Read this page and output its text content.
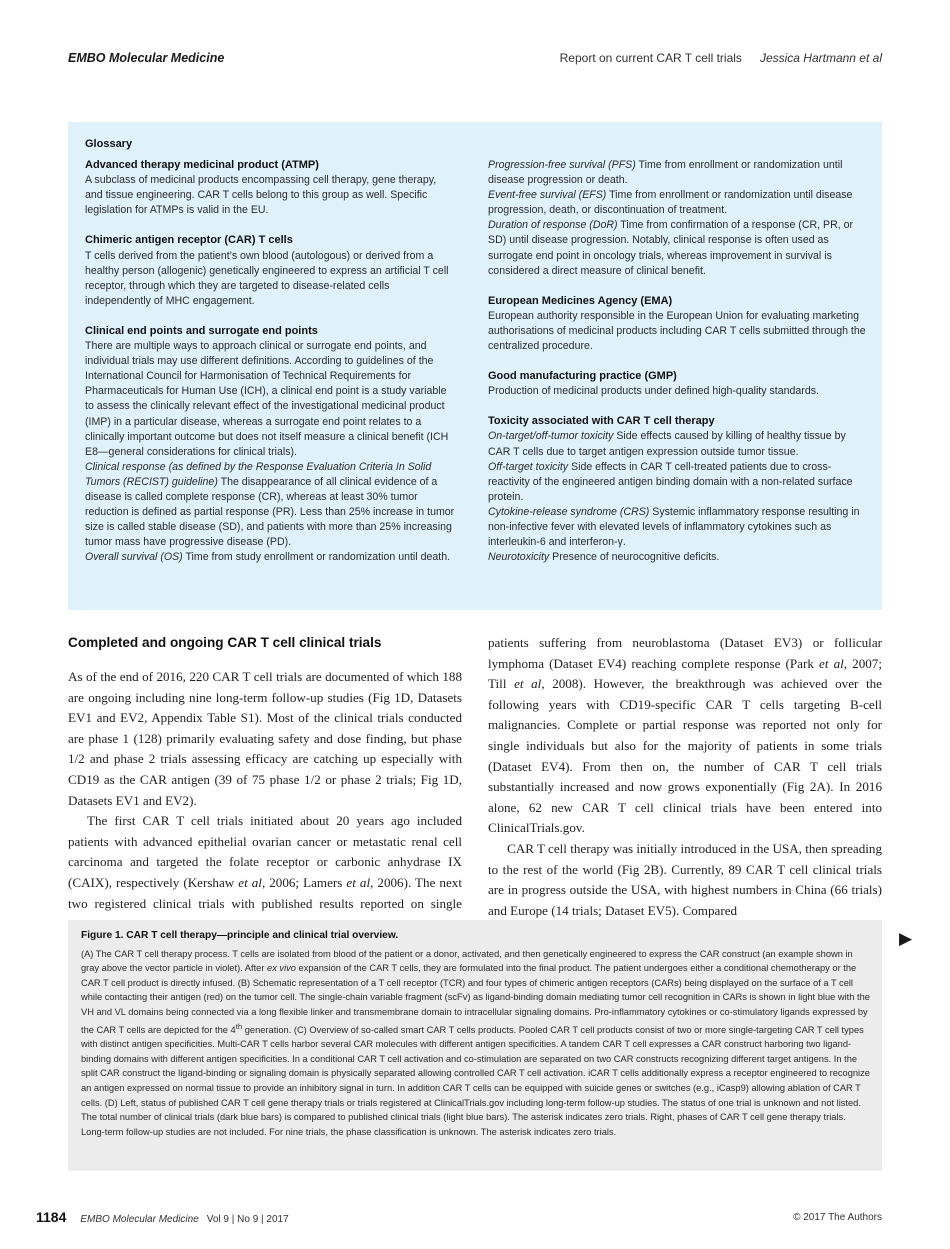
EMBO Molecular Medicine	Report on current CAR T cell trials Jessica Hartmann et al
Glossary
Advanced therapy medicinal product (ATMP)
A subclass of medicinal products encompassing cell therapy, gene therapy, and tissue engineering. CAR T cells belong to this group as well. Specific legislation for ATMPs is valid in the EU.
Chimeric antigen receptor (CAR) T cells
T cells derived from the patient’s own blood (autologous) or derived from a healthy person (allogenic) genetically engineered to express an artificial T cell receptor, through which they are targeted to disease-related cells independently of MHC engagement.
Clinical end points and surrogate end points
There are multiple ways to approach clinical or surrogate end points, and individual trials may use different definitions. According to guidelines of the International Council for Harmonisation of Technical Requirements for Pharmaceuticals for Human Use (ICH), a clinical end point is a study variable to assess the clinically relevant effect of the investigational medicinal product (IMP) in a particular disease, whereas a surrogate end point relates to a clinically important outcome but does not itself measure a clinical benefit (ICH E8—general considerations for clinical trials).
Clinical response (as defined by the Response Evaluation Criteria In Solid Tumors (RECIST) guideline) The disappearance of all clinical evidence of a disease is called complete response (CR), whereas at least 30% tumor reduction is defined as partial response (PR). Less than 25% increase in tumor size is called stable disease (SD), and patients with more than 25% increasing tumor mass have progressive disease (PD).
Overall survival (OS) Time from study enrollment or randomization until death.
Progression-free survival (PFS) Time from enrollment or randomization until disease progression or death.
Event-free survival (EFS) Time from enrollment or randomization until disease progression, death, or discontinuation of treatment.
Duration of response (DoR) Time from confirmation of a response (CR, PR, or SD) until disease progression. Notably, clinical response is often used as surrogate end point in oncology trials, whereas improvement in survival is considered a direct measure of clinical benefit.
European Medicines Agency (EMA)
European authority responsible in the European Union for evaluating marketing authorisations of medicinal products including CAR T cells submitted through the centralized procedure.
Good manufacturing practice (GMP)
Production of medicinal products under defined high-quality standards.
Toxicity associated with CAR T cell therapy
On-target/off-tumor toxicity Side effects caused by killing of healthy tissue by CAR T cells due to target antigen expression outside tumor tissue.
Off-target toxicity Side effects in CAR T cell-treated patients due to cross-reactivity of the engineered antigen binding domain with a non-related surface protein.
Cytokine-release syndrome (CRS) Systemic inflammatory response resulting in non-infective fever with elevated levels of inflammatory cytokines such as interleukin-6 and interferon-γ.
Neurotoxicity Presence of neurocognitive deficits.
Completed and ongoing CAR T cell clinical trials

As of the end of 2016, 220 CAR T cell trials are documented of which 188 are ongoing including nine long-term follow-up studies (Fig 1D, Datasets EV1 and EV2, Appendix Table S1). Most of the clinical trials conducted are phase 1 (128) primarily evaluating safety and dose finding, but phase 1/2 and phase 2 trials assessing efficacy are catching up especially with CD19 as the CAR antigen (39 of 75 phase 1/2 or phase 2 trials; Fig 1D, Datasets EV1 and EV2).

The first CAR T cell trials initiated about 20 years ago included patients with advanced epithelial ovarian cancer or metastatic renal cell carcinoma and targeted the folate receptor or carbonic anhydrase IX (CAIX), respectively (Kershaw et al, 2006; Lamers et al, 2006). The next two registered clinical trials with published results reported on single patients suffering from neuroblastoma (Dataset EV3) or follicular lymphoma (Dataset EV4) reaching complete response (Park et al, 2007; Till et al, 2008). However, the breakthrough was achieved over the following years with CD19-specific CAR T cells targeting B-cell malignancies. Complete or partial response was reported not only for single individuals but also for the majority of patients in some trials (Dataset EV4). From then on, the number of CAR T cell trials substantially increased and now grows exponentially (Fig 2A). In 2016 alone, 62 new CAR T cell clinical trials have been entered into ClinicalTrials.gov.

CAR T cell therapy was initially introduced in the USA, then spreading to the rest of the world (Fig 2B). Currently, 89 CAR T cell clinical trials are in progress outside the USA, with highest numbers in China (66 trials) and Europe (14 trials; Dataset EV5). Compared

Figure 1. CAR T cell therapy—principle and clinical trial overview.
(A) The CAR T cell therapy process. T cells are isolated from blood of the patient or a donor, activated, and then genetically engineered to express the CAR construct (an example shown in gray above the vector particle in violet). After ex vivo expansion of the CAR T cells, they are formulated into the final product. The patient undergoes either a conditional chemotherapy or the CAR T cell product is directly infused. (B) Schematic representation of a T cell receptor (TCR) and four types of chimeric antigen receptors (CARs) being displayed on the surface of a T cell while contacting their antigen (red) on the tumor cell. The single-chain variable fragment (scFv) as ligand-binding domain mediating tumor cell recognition in CARs is shown in light blue with the VH and VL domains being connected via a long flexible linker and transmembrane domain to intracellular signaling domains. Pro-inflammatory cytokines or co-stimulatory ligands expressed by the CAR T cells are depicted for the 4th generation. (C) Overview of so-called smart CAR T cells products. Pooled CAR T cell products consist of two or more single-targeting CAR T cell types with distinct antigen specificities. Multi-CAR T cells harbor several CAR molecules with different antigen specificities. A tandem CAR T cell expresses a CAR construct harboring two ligand-binding domains with different antigen specificities. In a conditional CAR T cell activation and co-stimulation are separated on two CAR constructs recognizing different target antigens. In the split CAR construct the ligand-binding or signaling domain is physically separated allowing controlled CAR T cell activation. iCAR T cells additionally express a receptor engineered to recognize an antigen expressed on normal tissue to provide an inhibitory signal in turn. In addition CAR T cells can be equipped with suicide genes or switches (e.g., iCasp9) allowing ablation of CAR T cells. (D) Left, status of published CAR T cell gene therapy trials or trials registered at ClinicalTrials.gov including long-term follow-up studies. The status of one trial is unknown and not listed. The total number of clinical trials (dark blue bars) is compared to published clinical trials (light blue bars). The asterisk indicates zero trials. Right, phases of CAR T cell gene therapy trials. Long-term follow-up studies are not included. For nine trials, the phase classification is unknown. The asterisk indicates zero trials.
▶
1184 EMBO Molecular Medicine Vol 9 | No 9 | 2017	© 2017 The Authors
